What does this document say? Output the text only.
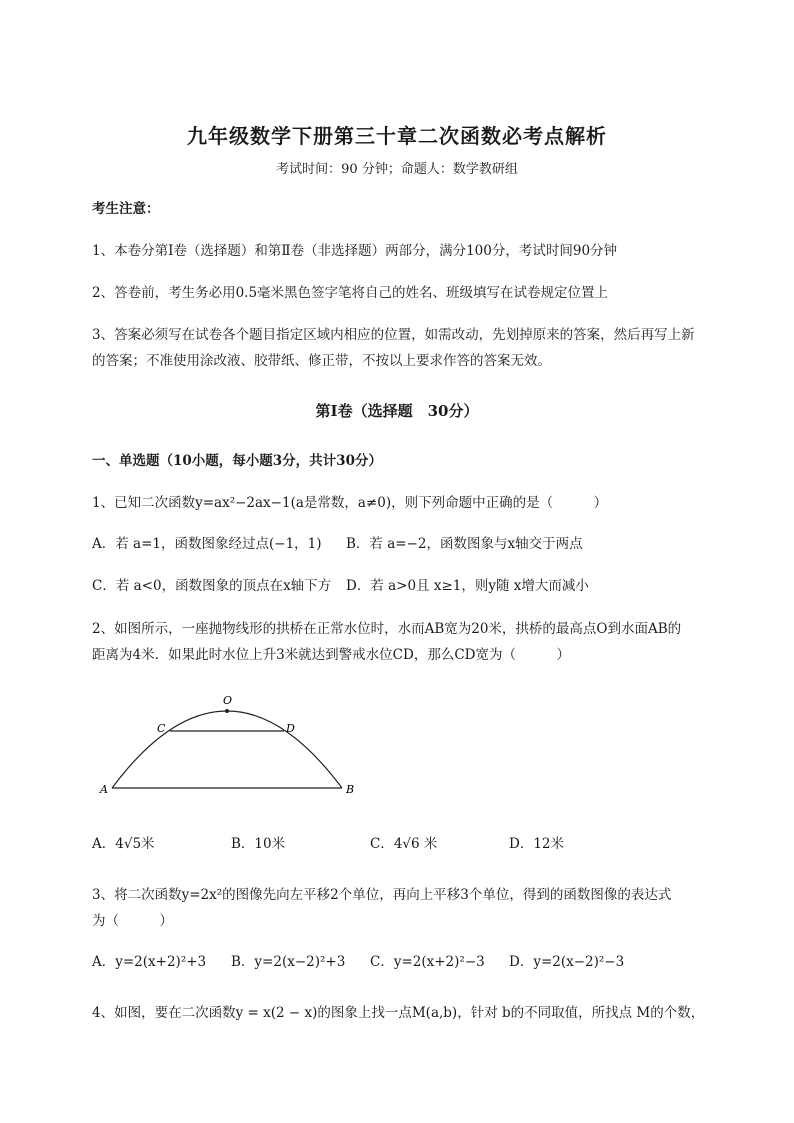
九年级数学下册第三十章二次函数必考点解析
考试时间：90 分钟；命题人：数学教研组
考生注意：
1、本卷分第Ⅰ卷（选择题）和第Ⅱ卷（非选择题）两部分，满分100分，考试时间90分钟
2、答卷前，考生务必用0.5毫米黑色签字笔将自己的姓名、班级填写在试卷规定位置上
3、答案必须写在试卷各个题目指定区域内相应的位置，如需改动，先划掉原来的答案，然后再写上新
的答案；不准使用涂改液、胶带纸、修正带，不按以上要求作答的答案无效。
第Ⅰ卷（选择题　30分）
一、单选题（10小题，每小题3分，共计30分）
1、已知二次函数y=ax²−2ax−1(a是常数，a≠0)，则下列命题中正确的是（　　　）
A．若 a=1，函数图象经过点(−1，1)	B．若 a=−2，函数图象与x轴交于两点
C．若 a<0，函数图象的顶点在x轴下方	D．若 a>0且 x≥1，则y随 x增大而减小
2、如图所示，一座抛物线形的拱桥在正常水位时，水而AB宽为20米，拱桥的最高点O到水面AB的
距离为4米．如果此时水位上升3米就达到警戒水位CD，那么CD宽为（　　　）
O
C	D
A	B
A．4√5米	B．10米	C．4√6 米	D．12米
3、将二次函数y=2x²的图像先向左平移2个单位，再向上平移3个单位，得到的函数图像的表达式
为（　　　）
A．y=2(x+2)²+3	B．y=2(x−2)²+3	C．y=2(x+2)²−3	D．y=2(x−2)²−3
4、如图，要在二次函数y = x(2 − x)的图象上找一点M(a,b)，针对 b的不同取值，所找点 M的个数，
